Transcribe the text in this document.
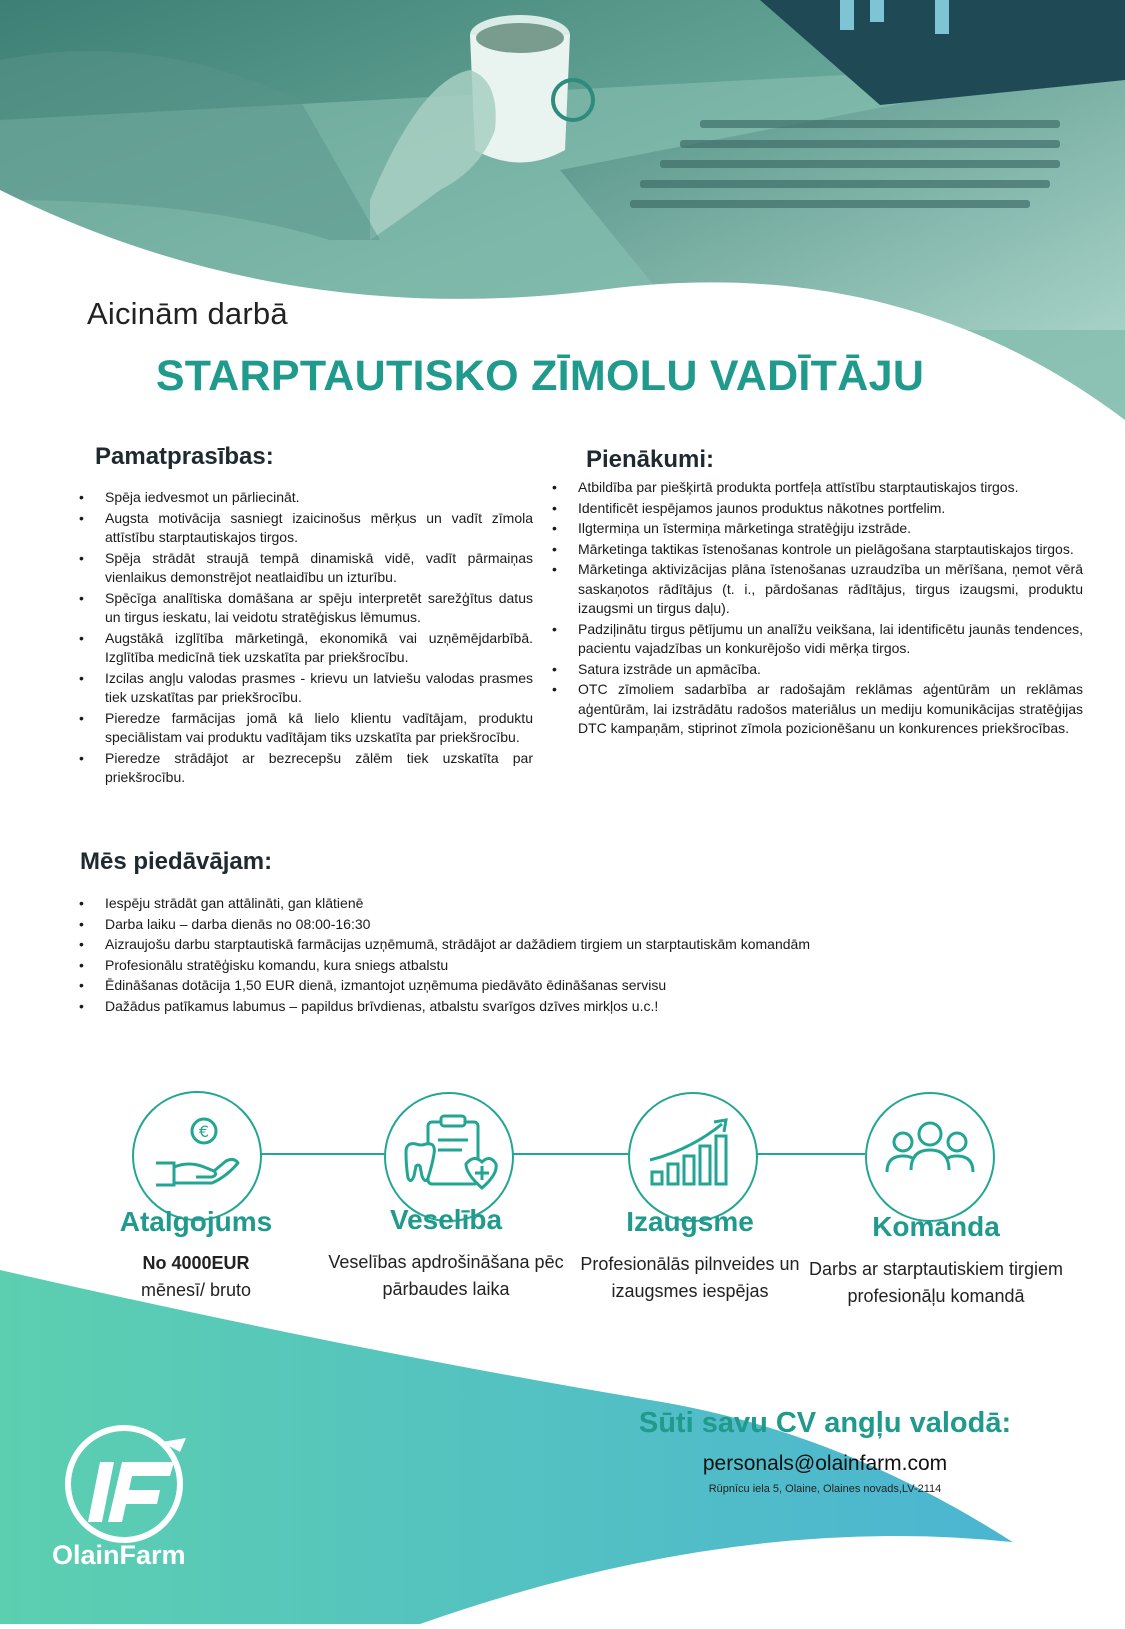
Aicinām darbā
STARPTAUTISKO ZĪMOLU VADĪTĀJU
Pamatprasības:
• Spēja iedvesmot un pārliecināt.
• Augsta motivācija sasniegt izaicinošus mērķus un vadīt zīmola attīstību starptautiskajos tirgos.
• Spēja strādāt straujā tempā dinamiskā vidē, vadīt pārmaiņas vienlaikus demonstrējot neatlaidību un izturību.
• Spēcīga analītiska domāšana ar spēju interpretēt sarežģītus datus un tirgus ieskatu, lai veidotu stratēģiskus lēmumus.
• Augstākā izglītība mārketingā, ekonomikā vai uzņēmējdarbībā. Izglītība medicīnā tiek uzskatīta par priekšrocību.
• Izcilas angļu valodas prasmes - krievu un latviešu valodas prasmes tiek uzskatītas par priekšrocību.
• Pieredze farmācijas jomā kā lielo klientu vadītājam, produktu speciālistam vai produktu vadītājam tiks uzskatīta par priekšrocību.
• Pieredze strādājot ar bezrecepšu zālēm tiek uzskatīta par priekšrocību.
Pienākumi:
• Atbildība par piešķirtā produkta portfeļa attīstību starptautiskajos tirgos.
• Identificēt iespējamos jaunos produktus nākotnes portfelim.
• Ilgtermiņa un īstermiņa mārketinga stratēģiju izstrāde.
• Mārketinga taktikas īstenošanas kontrole un pielāgošana starptautiskajos tirgos.
• Mārketinga aktivizācijas plāna īstenošanas uzraudzība un mērīšana, ņemot vērā saskaņotos rādītājus (t. i., pārdošanas rādītājus, tirgus izaugsmi, produktu izaugsmi un tirgus daļu).
• Padziļinātu tirgus pētījumu un analīžu veikšana, lai identificētu jaunās tendences, pacientu vajadzības un konkurējošo vidi mērķa tirgos.
• Satura izstrāde un apmācība.
• OTC zīmoliem sadarbība ar radošajām reklāmas aģentūrām un reklāmas aģentūrām, lai izstrādātu radošos materiālus un mediju komunikācijas stratēģijas DTC kampaņām, stiprinot zīmola pozicionēšanu un konkurences priekšrocības.
Mēs piedāvājam:
• Iespēju strādāt gan attālināti, gan klātienē
• Darba laiku – darba dienās no 08:00-16:30
• Aizraujošu darbu starptautiskā farmācijas uzņēmumā, strādājot ar dažādiem tirgiem un starptautiskām komandām
• Profesionālu stratēģisku komandu, kura sniegs atbalstu
• Ēdināšanas dotācija 1,50 EUR dienā, izmantojot uzņēmuma piedāvāto ēdināšanas servisu
• Dažādus patīkamus labumus – papildus brīvdienas, atbalstu svarīgos dzīves mirkļos u.c.!
€
Atalgojums
No 4000EUR
mēnesī/ bruto
Veselība
Veselības apdrošināšana pēc pārbaudes laika
Izaugsme
Profesionālās pilnveides un izaugsmes iespējas
Komanda
Darbs ar starptautiskiem tirgiem profesionāļu komandā
Sūti savu CV angļu valodā:
personals@olainfarm.com
Rūpnīcu iela 5, Olaine, Olaines novads,LV-2114
OlainFarm
